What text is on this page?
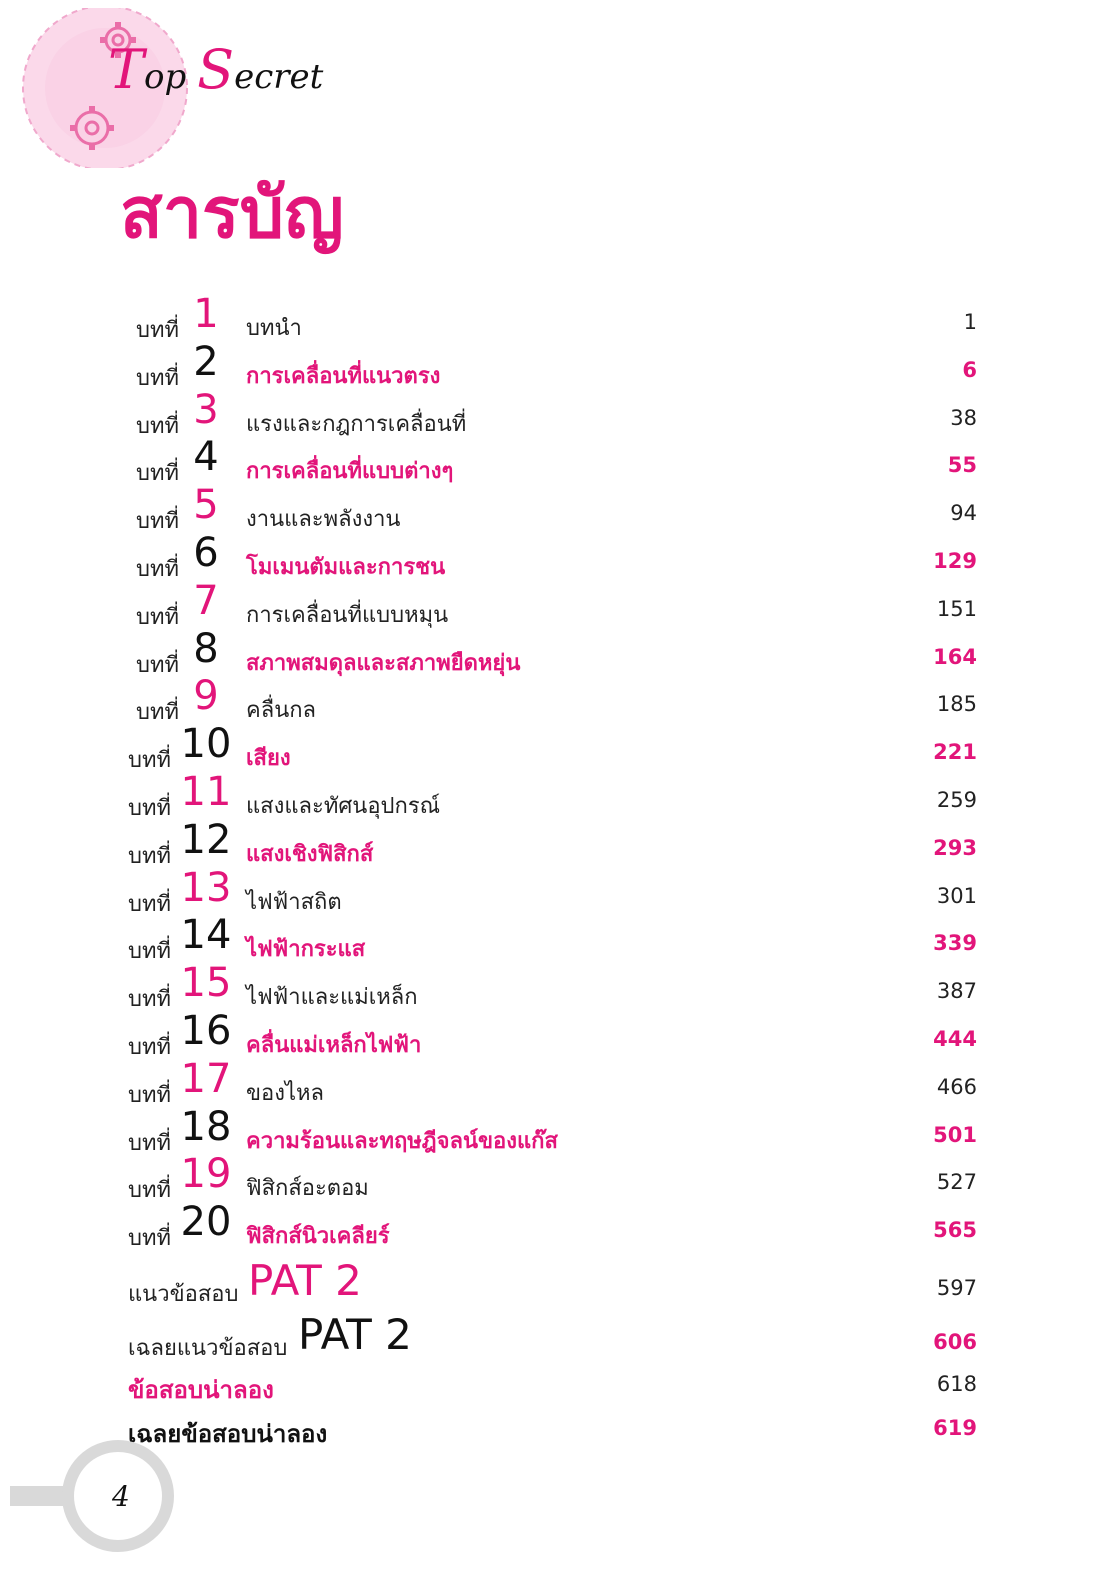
Top Secret
สารบัญ
บทที่ 1	บทนำ	1
บทที่ 2	การเคลื่อนที่แนวตรง	6
บทที่ 3	แรงและกฎการเคลื่อนที่	38
บทที่ 4	การเคลื่อนที่แบบต่างๆ	55
บทที่ 5	งานและพลังงาน	94
บทที่ 6	โมเมนตัมและการชน	129
บทที่ 7	การเคลื่อนที่แบบหมุน	151
บทที่ 8	สภาพสมดุลและสภาพยืดหยุ่น	164
บทที่ 9	คลื่นกล	185
บทที่ 10 เสียง	221
บทที่ 11 แสงและทัศนอุปกรณ์	259
บทที่ 12 แสงเชิงฟิสิกส์	293
บทที่ 13 ไฟฟ้าสถิต	301
บทที่ 14 ไฟฟ้ากระแส	339
บทที่ 15 ไฟฟ้าและแม่เหล็ก	387
บทที่ 16 คลื่นแม่เหล็กไฟฟ้า	444
บทที่ 17 ของไหล	466
บทที่ 18 ความร้อนและทฤษฎีจลน์ของแก๊ส	501
บทที่ 19 ฟิสิกส์อะตอม	527
บทที่ 20 ฟิสิกส์นิวเคลียร์	565
แนวข้อสอบ PAT 2	597
เฉลยแนวข้อสอบ PAT 2	606
ข้อสอบน่าลอง	618
เฉลยข้อสอบน่าลอง	619
4
